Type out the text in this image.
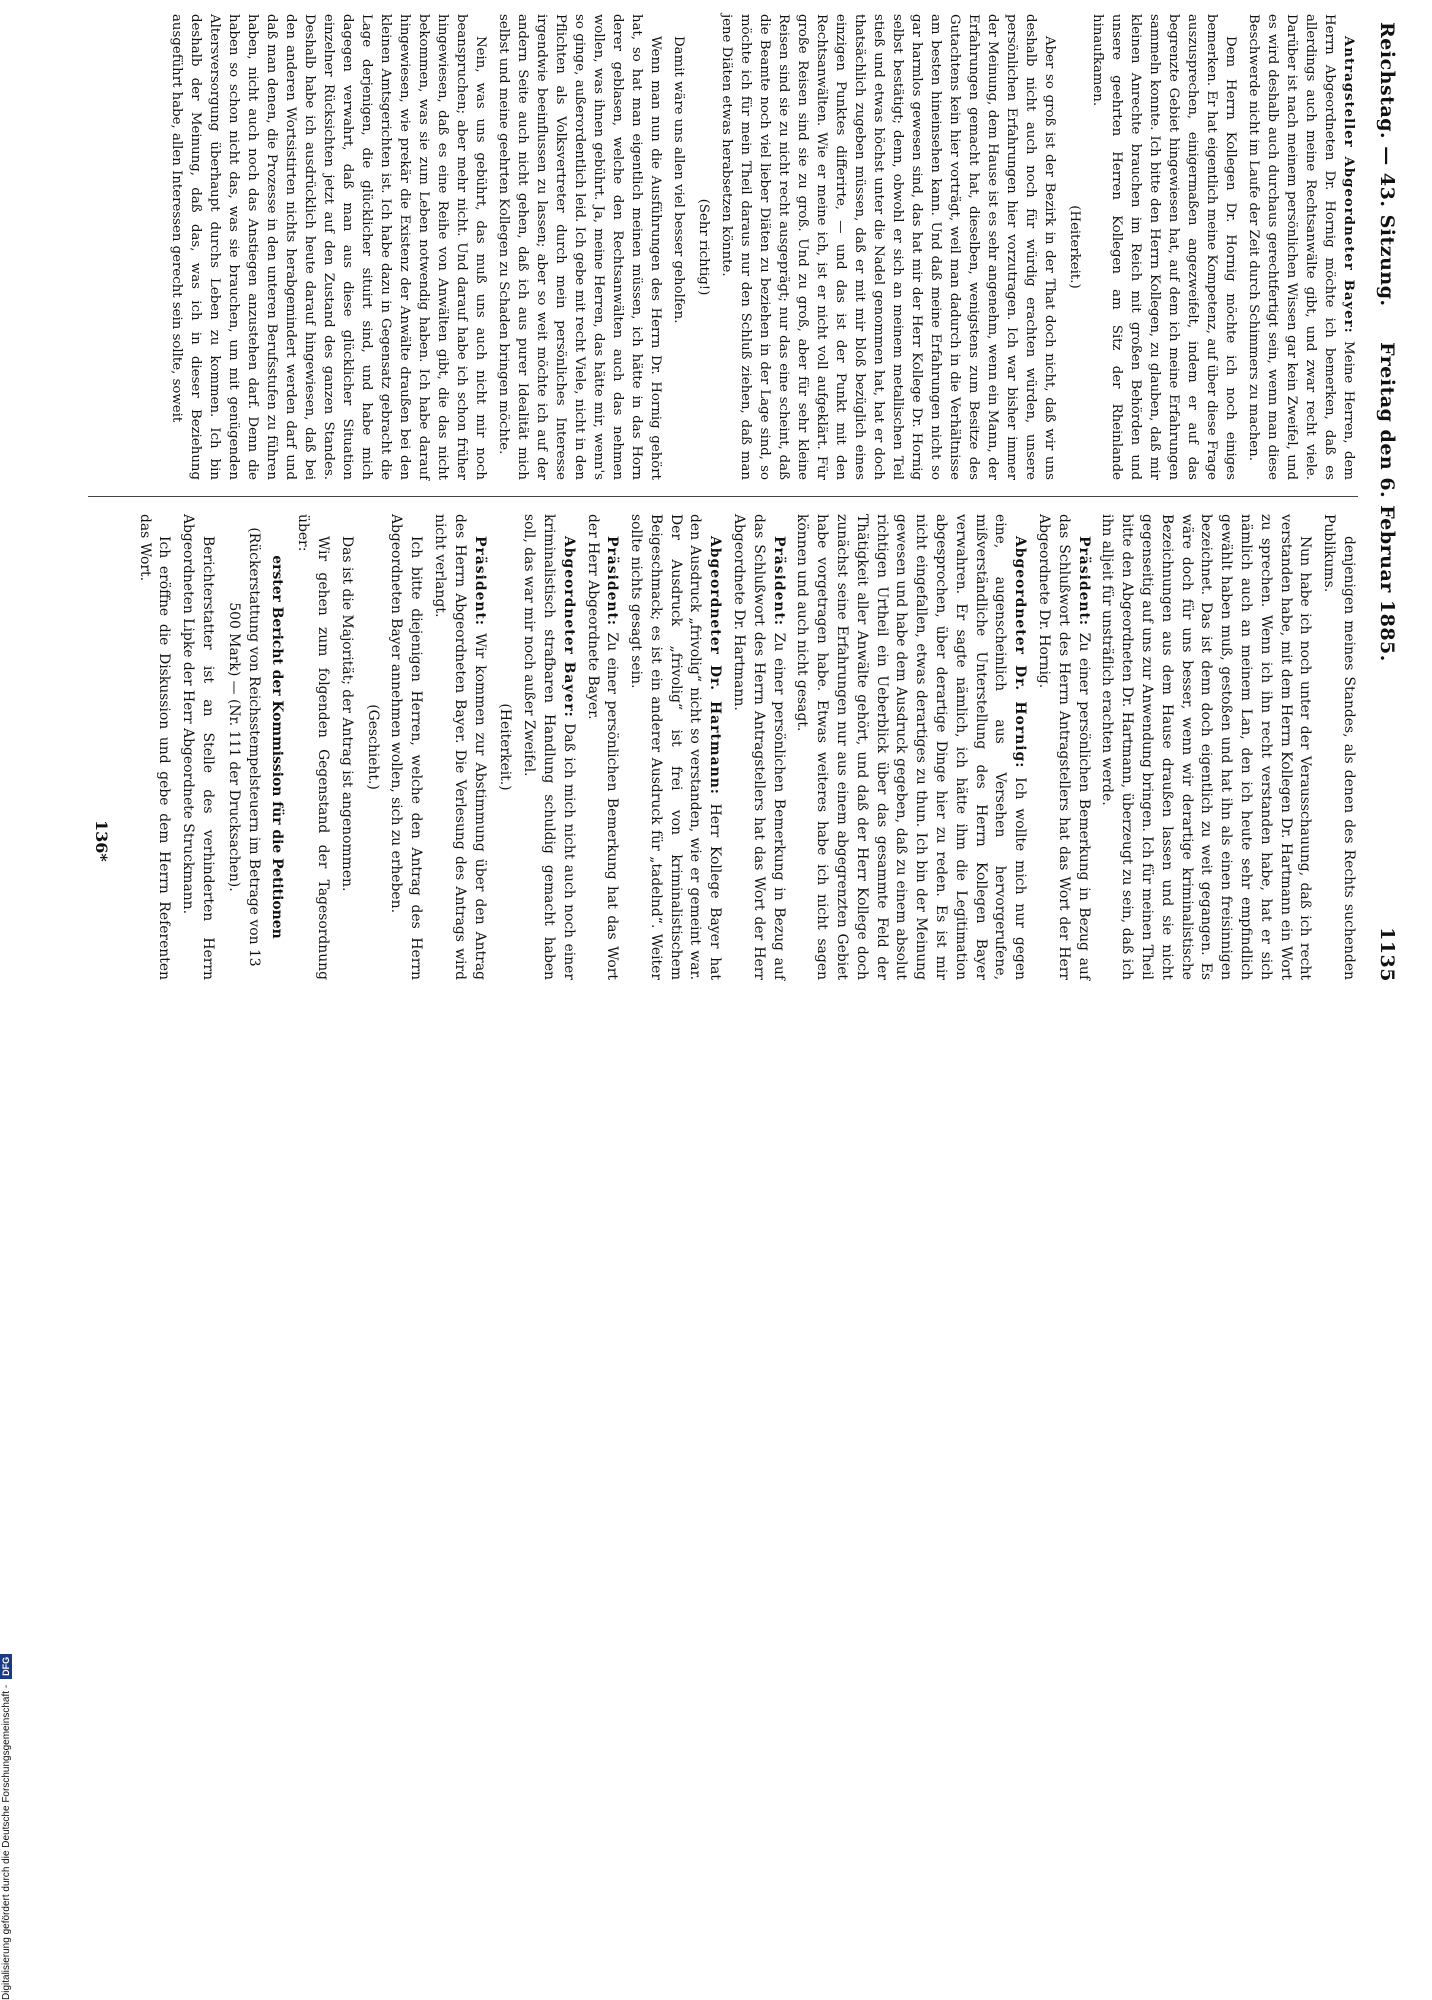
Reichstag. — 43. Sitzung.
Freitag den 6. Februar 1885.
1135

Antragsteller Abgeordneter Bayer: Meine Herren, dem Herrn Abgeordneten Dr. Hornig möchte ich bemerken, daß es allerdings auch meine Rechtsanwälte gibt, und zwar recht viele. Darüber ist nach meinem persönlichen Wissen gar kein Zweifel, und es wird deshalb auch durchaus gerechtfertigt sein, wenn man diese Beschwerde nicht im Laufe der Zeit durch Schimmers zu machen.

Dem Herrn Kollegen Dr. Hornig möchte ich noch einiges bemerken. Er hat eigentlich meine Kompetenz, auf über diese Frage auszusprechen, einigermaßen angezweifelt, indem er auf das begrenzte Gebiet hingewiesen hat, auf dem ich meine Erfahrungen sammeln konnte. Ich bitte den Herrn Kollegen, zu glauben, daß mir kleinen Anrechte brauchen im Reich mit großen Behörden und unsere geehrten Herren Kollegen am Sitz der Rheinlande hinaufkamen.

(Heiterkeit.)

Aber so groß ist der Bezirk in der That doch nicht, daß wir uns deshalb nicht auch noch für würdig erachten würden, unsere persönlichen Erfahrungen hier vorzutragen. Ich war bisher immer der Meinung, dem Hause ist es sehr angenehm, wenn ein Mann, der Erfahrungen gemacht hat, dieselben, wenigstens zum Besitze des Gutachtens kein hier vorträgt, weil man dadurch in die Verhältnisse am besten hineinsehen kann. Und daß meine Erfahrungen nicht so gar harmlos gewesen sind, das hat mir der Herr Kollege Dr. Hornig selbst bestätigt; denn, obwohl er sich an meinem metallischen Teil stieß und etwas höchst unter die Nadel genommen hat, hat er doch thatsächlich zugeben müssen, daß er mit mir bloß bezüglich eines einzigen Punktes differirte, — und das ist der Punkt mit den Rechtsanwälten. Wie er meine ich, ist er nicht voll aufgeklärt. Für große Reisen sind sie zu groß. Und zu groß, aber für sehr kleine Reisen sind sie zu nicht recht ausgeprägt; nur das eine scheint, daß die Beamte noch viel lieber Diäten zu beziehen in der Lage sind, so möchte ich für mein Theil daraus nur den Schluß ziehen, daß man jene Diäten etwas herabsetzen könnte.

(Sehr richtig!)

Damit wäre uns allen viel besser geholfen.

Wenn man nun die Ausführungen des Herrn Dr. Hornig gehört hat, so hat man eigentlich meinen müssen, ich hätte in das Horn derer geblasen, welche den Rechtsanwälten auch das nehmen wollen, was ihnen gebührt. Ja, meine Herren, das hätte mir, wenn's so ginge, außerordentlich leid. Ich gebe mit recht Viele, nicht in den Pflichten als Volksvertreter durch mein persönliches Interesse irgendwie beeinflussen zu lassen; aber so weit möchte ich auf der andern Seite auch nicht gehen, daß ich aus purer Idealität mich selbst und meine geehrten Kollegen zu Schaden bringen möchte.

Nein, was uns gebührt, das muß uns auch nicht mir noch beanspruchen; aber mehr nicht. Und darauf habe ich schon früher hingewiesen, daß es eine Reihe von Anwälten gibt, die das nicht bekommen, was sie zum Leben notwendig haben. Ich habe darauf hingewiesen, wie prekär die Existenz der Anwälte draußen bei den kleinen Amtsgerichten ist. Ich habe dazu in Gegensatz gebracht die Lage derjenigen, die glücklicher situirt sind, und habe mich dagegen verwahrt, daß man aus diese glücklicher Situation einzelner Rücksichten jetzt auf den Zustand des ganzen Standes. Deshalb habe ich ausdrücklich heute darauf hingewiesen, daß bei den anderen Wortsistirten nichts herabgemindert werden darf und daß man denen, die Prozesse in den unteren Berufsstufen zu führen haben, nicht auch noch das Anstiegen anzustehen darf. Denn die haben so schon nicht das, was sie brauchen, um mit genügenden Altersversorgung überhaupt durchs Leben zu kommen. Ich bin deshalb der Meinung, daß das, was ich in dieser Beziehung ausgeführt habe, allen Interessen gerecht sein sollte, soweit

denjenigen meines Standes, als denen des Rechts suchenden Publikums.

Nun habe ich noch unter der Verausschauung, daß ich recht verstanden habe, mit dem Herrn Kollegen Dr. Hartmann ein Wort zu sprechen. Wenn ich ihn recht verstanden habe, hat er sich nämlich auch an meinem Lan, den ich heute sehr empfindlich gewählt haben muß, gestoßen und hat ihn als einen freisinnigen bezeichnet. Das ist denn doch eigentlich zu weit gegangen. Es wäre doch für uns besser, wenn wir derartige kriminalistische Bezeichnungen aus dem Hause draußen lassen und sie nicht gegenseitig auf uns zur Anwendung bringen. Ich für meinen Theil bitte den Abgeordneten Dr. Hartmann, überzeugt zu sein, daß ich ihn alljeit für unsträflich erachten werde.

Präsident: Zu einer persönlichen Bemerkung in Bezug auf das Schlußwort des Herrn Antragstellers hat das Wort der Herr Abgeordnete Dr. Hornig.

Abgeordneter Dr. Hornig: Ich wollte mich nur gegen eine, augenscheinlich aus Versehen hervorgerufene, mißverständliche Unterstellung des Herrn Kollegen Bayer verwahren. Er sagte nämlich, ich hätte ihm die Legitimation abgesprochen, über derartige Dinge hier zu reden. Es ist mir nicht eingefallen, etwas derartiges zu thun. Ich bin der Meinung gewesen und habe dem Ausdruck gegeben, daß zu einem absolut richtigen Urtheil ein Ueberblick über das gesammte Feld der Thätigkeit aller Anwälte gehört, und daß der Herr Kollege doch zunächst seine Erfahrungen nur aus einem abgegrenzten Gebiet habe vorgetragen habe. Etwas weiteres habe ich nicht sagen können und auch nicht gesagt.

Präsident: Zu einer persönlichen Bemerkung in Bezug auf das Schlußwort des Herrn Antragstellers hat das Wort der Herr Abgeordnete Dr. Hartmann.

Abgeordneter Dr. Hartmann: Herr Kollege Bayer hat den Ausdruck „frivolig“ nicht so verstanden, wie er gemeint war. Der Ausdruck „frivolig“ ist frei von kriminalistischem Beigeschmack; es ist ein anderer Ausdruck für „tadelnd“. Weiter sollte nichts gesagt sein.

Präsident: Zu einer persönlichen Bemerkung hat das Wort der Herr Abgeordnete Bayer.

Abgeordneter Bayer: Daß ich mich nicht auch noch einer kriminalistisch strafbaren Handlung schuldig gemacht haben soll, das war mir noch außer Zweifel.

(Heiterkeit.)

Präsident: Wir kommen zur Abstimmung über den Antrag des Herrn Abgeordneten Bayer. Die Verlesung des Antrags wird nicht verlangt.

Ich bitte diejenigen Herren, welche den Antrag des Herrn Abgeordneten Bayer annehmen wollen, sich zu erheben.

(Geschieht.)

Das ist die Majorität; der Antrag ist angenommen.

Wir gehen zum folgenden Gegenstand der Tagesordnung über:

erster Bericht der Kommission für die Petitionen

(Rückerstattung von Reichsstempelsteuern im Betrage von 13 500 Mark) — (Nr. 111 der Drucksachen).

Berichterstatter ist an Stelle des verhinderten Herrn Abgeordneten Lipke der Herr Abgeordnete Struckmann.

Ich eröffne die Diskussion und gebe dem Herrn Referenten das Wort.

136*
Digitalisierung gefördert durch die Deutsche Forschungsgemeinschaft -DFG
